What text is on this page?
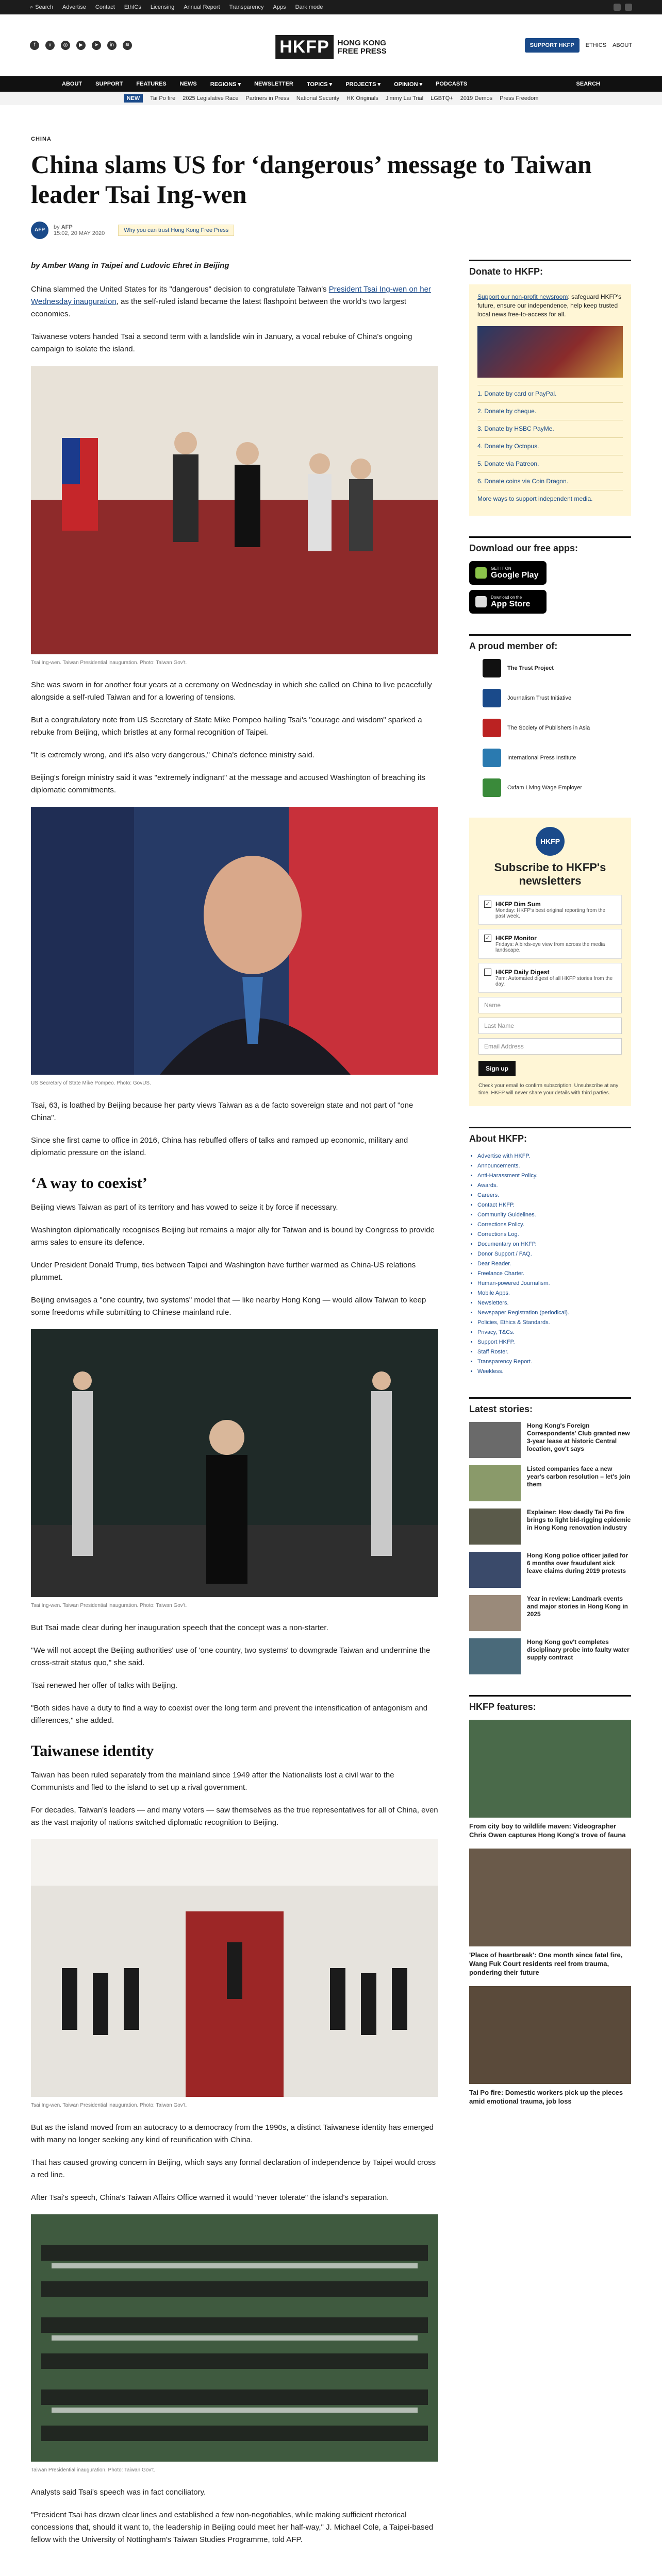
⌕ Search Advertise Contact EthICs Licensing Annual Report Transparency Apps Dark mode
f	x	◎	▶	➤	in	≋	HKFP	HONG KONG
FREE PRESS
SUPPORT HKFP	ETHICS ABOUT
ABOUT SUPPORT FEATURES NEWS REGIONS ▾ NEWSLETTER TOPICS ▾ PROJECTS ▾ OPINION ▾ PODCASTS	SEARCH
NEW	Tai Po fire 2025 Legislative Race Partners in Press National Security HK Originals Jimmy Lai Trial LGBTQ+ 2019 Demos Press Freedom
CHINA
China slams US for ‘dangerous’ message to Taiwan leader Tsai Ing-wen
AFP	by AFP
15:02, 20 MAY 2020	Why you can trust Hong Kong Free Press

by Amber Wang in Taipei and Ludovic Ehret in Beijing

China slammed the United States for its "dangerous" decision to congratulate Taiwan's President Tsai Ing-wen on her Wednesday inauguration, as the self-ruled island became the latest flashpoint between the world's two largest economies.

Taiwanese voters handed Tsai a second term with a landslide win in January, a vocal rebuke of China's ongoing campaign to isolate the island.

Tsai Ing-wen. Taiwan Presidential inauguration. Photo: Taiwan Gov't.

She was sworn in for another four years at a ceremony on Wednesday in which she called on China to live peacefully alongside a self-ruled Taiwan and for a lowering of tensions.

But a congratulatory note from US Secretary of State Mike Pompeo hailing Tsai's "courage and wisdom" sparked a rebuke from Beijing, which bristles at any formal recognition of Taipei.

"It is extremely wrong, and it's also very dangerous," China's defence ministry said.

Beijing's foreign ministry said it was "extremely indignant" at the message and accused Washington of breaching its diplomatic commitments.

US Secretary of State Mike Pompeo. Photo: GovUS.

Tsai, 63, is loathed by Beijing because her party views Taiwan as a de facto sovereign state and not part of "one China".

Since she first came to office in 2016, China has rebuffed offers of talks and ramped up economic, military and diplomatic pressure on the island.

‘A way to coexist’

Beijing views Taiwan as part of its territory and has vowed to seize it by force if necessary.

Washington diplomatically recognises Beijing but remains a major ally for Taiwan and is bound by Congress to provide arms sales to ensure its defence.

Under President Donald Trump, ties between Taipei and Washington have further warmed as China-US relations plummet.

Beijing envisages a "one country, two systems" model that — like nearby Hong Kong — would allow Taiwan to keep some freedoms while submitting to Chinese mainland rule.

Tsai Ing-wen. Taiwan Presidential inauguration. Photo: Taiwan Gov't.

But Tsai made clear during her inauguration speech that the concept was a non-starter.

"We will not accept the Beijing authorities' use of 'one country, two systems' to downgrade Taiwan and undermine the cross-strait status quo," she said.

Tsai renewed her offer of talks with Beijing.

"Both sides have a duty to find a way to coexist over the long term and prevent the intensification of antagonism and differences," she added.

Taiwanese identity

Taiwan has been ruled separately from the mainland since 1949 after the Nationalists lost a civil war to the Communists and fled to the island to set up a rival government.

For decades, Taiwan's leaders — and many voters — saw themselves as the true representatives for all of China, even as the vast majority of nations switched diplomatic recognition to Beijing.

Tsai Ing-wen. Taiwan Presidential inauguration. Photo: Taiwan Gov't.

But as the island moved from an autocracy to a democracy from the 1990s, a distinct Taiwanese identity has emerged with many no longer seeking any kind of reunification with China.

That has caused growing concern in Beijing, which says any formal declaration of independence by Taipei would cross a red line.

After Tsai's speech, China's Taiwan Affairs Office warned it would "never tolerate" the island's separation.

Taiwan Presidential inauguration. Photo: Taiwan Gov't.

Analysts said Tsai's speech was in fact conciliatory.

"President Tsai has drawn clear lines and established a few non-negotiables, while making sufficient rhetorical concessions that, should it want to, the leadership in Beijing could meet her half-way," J. Michael Cole, a Taipei-based fellow with the University of Nottingham's Taiwan Studies Programme, told AFP.

Donate to HKFP:
Support our non-profit newsroom: safeguard HKFP's future, ensure our independence, help keep trusted local news free-to-access for all.
1. Donate by card or PayPal.
2. Donate by cheque.
3. Donate by HSBC PayMe.
4. Donate by Octopus.
5. Donate via Patreon.
6. Donate coins via Coin Dragon.
More ways to support independent media.
Download our free apps:
GET IT ON
Google Play
Download on the
App Store
A proud member of:
The Trust Project
Journalism Trust Initiative
The Society of Publishers in Asia
International Press Institute
Oxfam Living Wage Employer
HKFP
Subscribe to HKFP's newsletters
✓ HKFP Dim Sum
Monday: HKFP's best original reporting from the past week.
✓ HKFP Monitor
Fridays: A birds-eye view from across the media landscape.
HKFP Daily Digest
7am: Automated digest of all HKFP stories from the day.
Name
Last Name
Email Address
Sign up
Check your email to confirm subscription. Unsubscribe at any time. HKFP will never share your details with third parties.
About HKFP:
• Advertise with HKFP.
• Announcements.
• Anti-Harassment Policy.
• Awards.
• Careers.
• Contact HKFP.
• Community Guidelines.
• Corrections Policy.
• Corrections Log.
• Documentary on HKFP.
• Donor Support / FAQ.
• Dear Reader.
• Freelance Charter.
• Human-powered Journalism.
• Mobile Apps.
• Newsletters.
• Newspaper Registration (periodical).
• Policies, Ethics & Standards.
• Privacy, T&Cs.
• Support HKFP.
• Staff Roster.
• Transparency Report.
• Weekless.
Latest stories:
Hong Kong's Foreign Correspondents' Club granted new 3-year lease at historic Central location, gov't says
Listed companies face a new year's carbon resolution – let's join them
Explainer: How deadly Tai Po fire brings to light bid-rigging epidemic in Hong Kong renovation industry
Hong Kong police officer jailed for 6 months over fraudulent sick leave claims during 2019 protests
Year in review: Landmark events and major stories in Hong Kong in 2025
Hong Kong gov't completes disciplinary probe into faulty water supply contract
HKFP features:
From city boy to wildlife maven: Videographer Chris Owen captures Hong Kong's trove of fauna
'Place of heartbreak': One month since fatal fire, Wang Fuk Court residents reel from trauma, pondering their future
Tai Po fire: Domestic workers pick up the pieces amid emotional trauma, job loss
